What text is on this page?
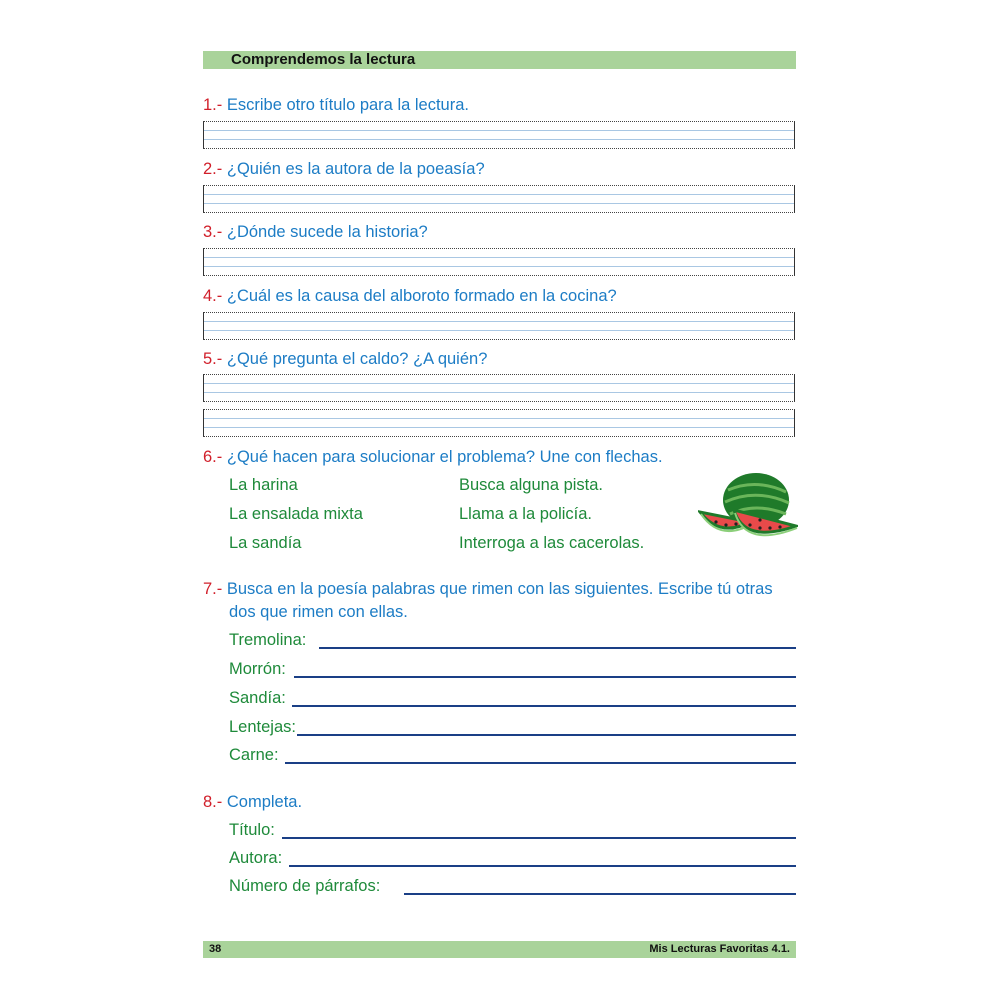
Comprendemos la lectura
1.- Escribe otro título para la lectura.
2.- ¿Quién es la autora de la poeasía?
3.- ¿Dónde sucede la historia?
4.- ¿Cuál es la causa del alboroto formado en la cocina?
5.- ¿Qué pregunta el caldo? ¿A quién?
6.- ¿Qué hacen para solucionar el problema? Une con flechas.
La harina
La ensalada mixta
La sandía
Busca alguna pista.
Llama a la policía.
Interroga a las cacerolas.
7.- Busca en la poesía palabras que rimen con las siguientes. Escribe tú otras
dos que rimen con ellas.
Tremolina:
Morrón:
Sandía:
Lentejas:
Carne:
8.- Completa.
Título:
Autora:
Número de párrafos:
38	Mis Lecturas Favoritas 4.1.
